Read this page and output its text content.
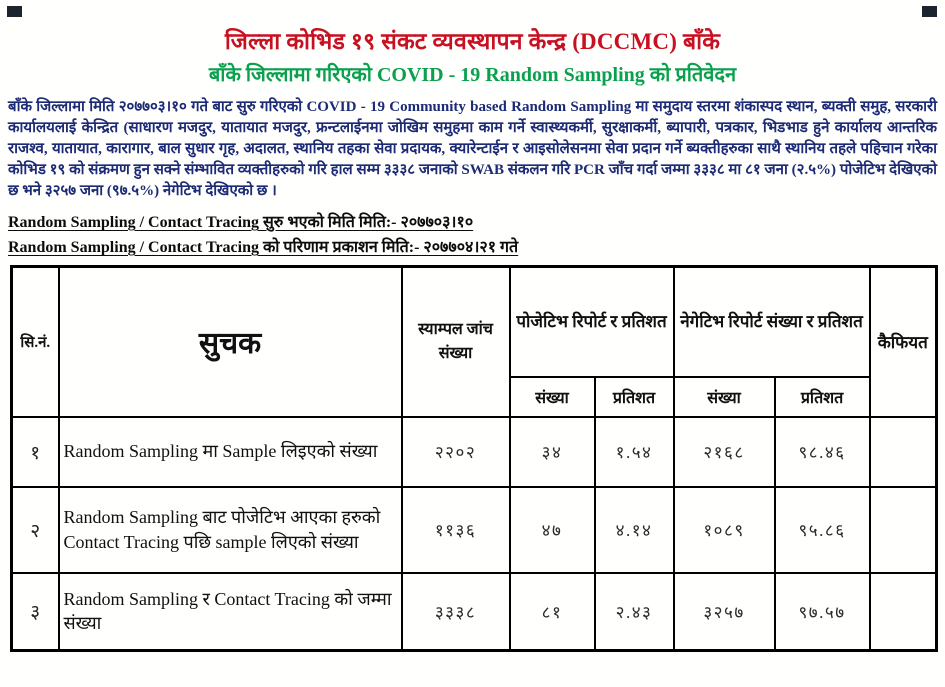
जिल्ला कोभिड १९ संकट व्यवस्थापन केन्द्र (DCCMC) बाँके
बाँके जिल्लामा गरिएको COVID - 19 Random Sampling को प्रतिवेदन
बाँके जिल्लामा मिति २०७७०३।१० गते बाट सुरु गरिएको COVID - 19 Community based Random Sampling मा समुदाय स्तरमा शंकास्पद स्थान, ब्यक्ती समुह, सरकारी कार्यालयलाई केन्द्रित (साधारण मजदुर, यातायात मजदुर, फ्रन्टलाईनमा जोखिम समुहमा काम गर्ने स्वास्थ्यकर्मी, सुरक्षाकर्मी, ब्यापारी, पत्रकार, भिडभाड हुने कार्यालय आन्तरिक राजश्व, यातायात, कारागार, बाल सुधार गृह, अदालत, स्थानिय तहका सेवा प्रदायक, क्यारेन्टाईन र आइसोलेसनमा सेवा प्रदान गर्ने ब्यक्तीहरुका साथै स्थानिय तहले पहिचान गरेका कोभिड १९ को संक्रमण हुन सक्ने संम्भावित व्यक्तीहरुको गरि हाल सम्म ३३३८ जनाको SWAB संकलन गरि PCR जाँच गर्दा जम्मा ३३३८ मा ८१ जना (२.५%) पोजेटिभ देखिएको छ भने ३२५७ जना (९७.५%) नेगेटिभ देखिएको छ ।
Random Sampling / Contact Tracing सुरु भएको मिति मिति:- २०७७०३।१०
Random Sampling / Contact Tracing को परिणाम प्रकाशन मिति:- २०७७०४।२१ गते
सि.नं.	सुचक	स्याम्पल जांच संख्या	पोजेटिभ रिपोर्ट र प्रतिशत		नेगेटिभ रिपोर्ट संख्या र प्रतिशत		कैफियत
			संख्या	प्रतिशत	संख्या	प्रतिशत	
१	Random Sampling मा Sample लिइएको संख्या	२२०२	३४	१.५४	२१६८	९८.४६	
२	Random Sampling बाट पोजेटिभ आएका हरुको Contact Tracing पछि sample लिएको संख्या	११३६	४७	४.१४	१०८९	९५.८६	
३	Random Sampling र Contact Tracing को जम्मा संख्या	३३३८	८१	२.४३	३२५७	९७.५७	
